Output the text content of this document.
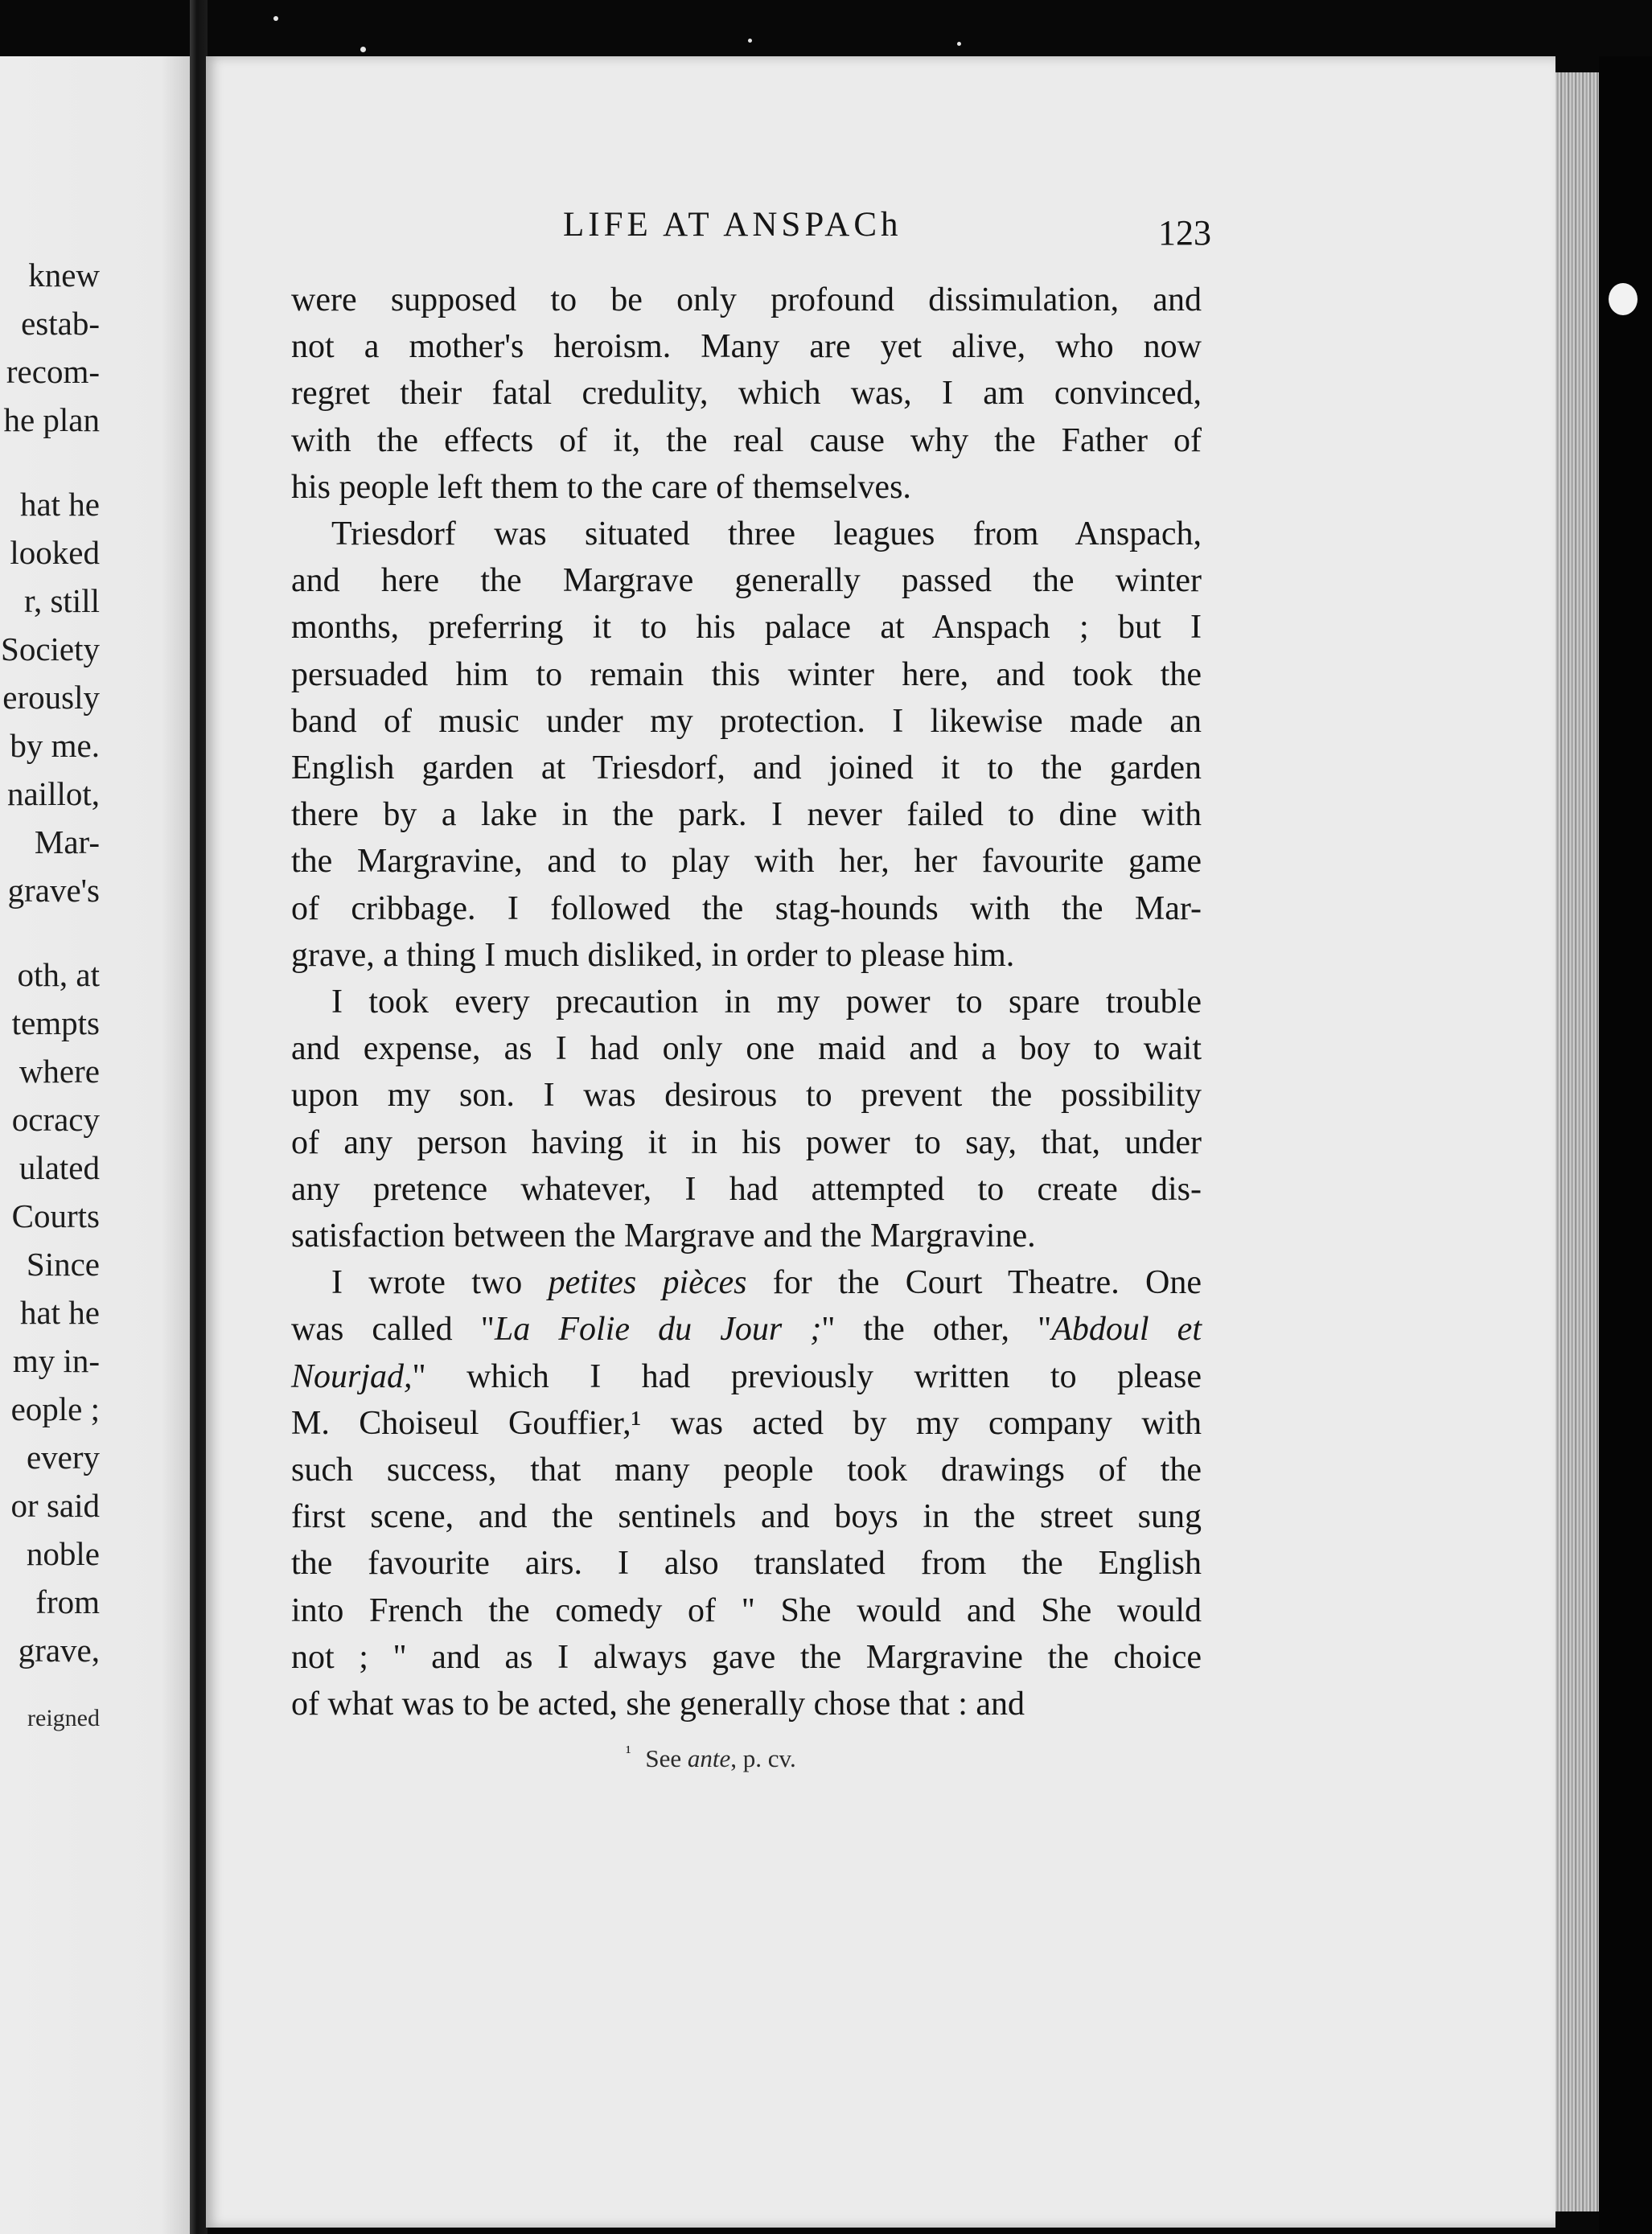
knew
estab-
recom-
he plan
hat he
looked
r, still
Society
erously
by me.
naillot,
Mar-
grave's
oth, at
tempts
where
ocracy
ulated
Courts
Since
hat he
my in-
eople ;
every
or said
noble
from
grave,
reigned
LIFE AT ANSPACh	123
were supposed to be only profound dissimulation, and
not a mother's heroism. Many are yet alive, who now
regret their fatal credulity, which was, I am convinced,
with the effects of it, the real cause why the Father of
his people left them to the care of themselves.
Triesdorf was situated three leagues from Anspach,
and here the Margrave generally passed the winter
months, preferring it to his palace at Anspach ; but I
persuaded him to remain this winter here, and took the
band of music under my protection. I likewise made an
English garden at Triesdorf, and joined it to the garden
there by a lake in the park. I never failed to dine with
the Margravine, and to play with her, her favourite game
of cribbage. I followed the stag-hounds with the Mar-
grave, a thing I much disliked, in order to please him.
I took every precaution in my power to spare trouble
and expense, as I had only one maid and a boy to wait
upon my son. I was desirous to prevent the possibility
of any person having it in his power to say, that, under
any pretence whatever, I had attempted to create dis-
satisfaction between the Margrave and the Margravine.
I wrote two petites pièces for the Court Theatre. One
was called "La Folie du Jour ;" the other, "Abdoul et
Nourjad," which I had previously written to please
M. Choiseul Gouffier,¹ was acted by my company with
such success, that many people took drawings of the
first scene, and the sentinels and boys in the street sung
the favourite airs. I also translated from the English
into French the comedy of " She would and She would
not ; " and as I always gave the Margravine the choice
of what was to be acted, she generally chose that : and
$^{^1}$ See ante, p. cv.
